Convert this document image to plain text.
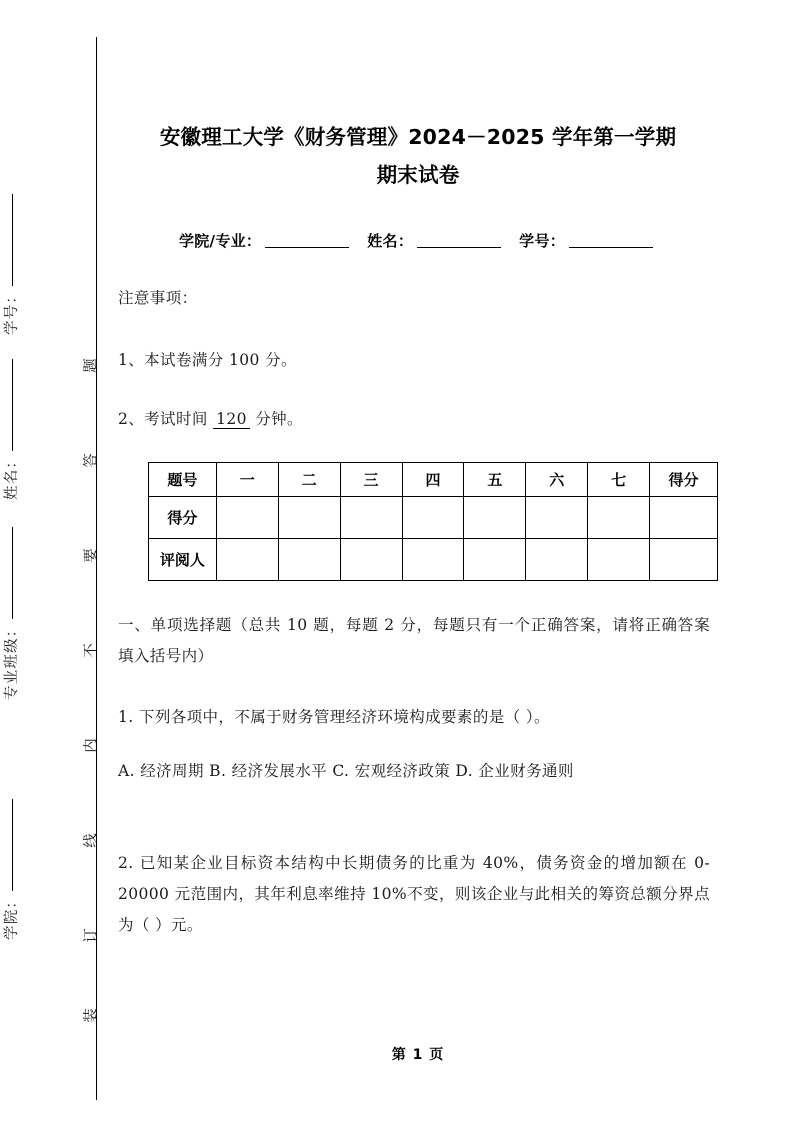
学号：
姓名：
专业班级：
学院：
题
答
要
不
内
线
订
装
安徽理工大学《财务管理》2024－2025 学年第一学期
期末试卷
学院/专业：	姓名：	学号：
注意事项：
1、本试卷满分 100 分。
2、考试时间 120 分钟。
题号	一	二	三	四	五	六	七	得分
得分								
评阅人								
一、单项选择题（总共 10 题，每题 2 分，每题只有一个正确答案，请将正确答案填入括号内）
1. 下列各项中，不属于财务管理经济环境构成要素的是（ ）。
A. 经济周期 B. 经济发展水平 C. 宏观经济政策 D. 企业财务通则
2. 已知某企业目标资本结构中长期债务的比重为 40%，债务资金的增加额在 0-20000 元范围内，其年利息率维持 10%不变，则该企业与此相关的筹资总额分界点为（ ）元。
第 1 页
